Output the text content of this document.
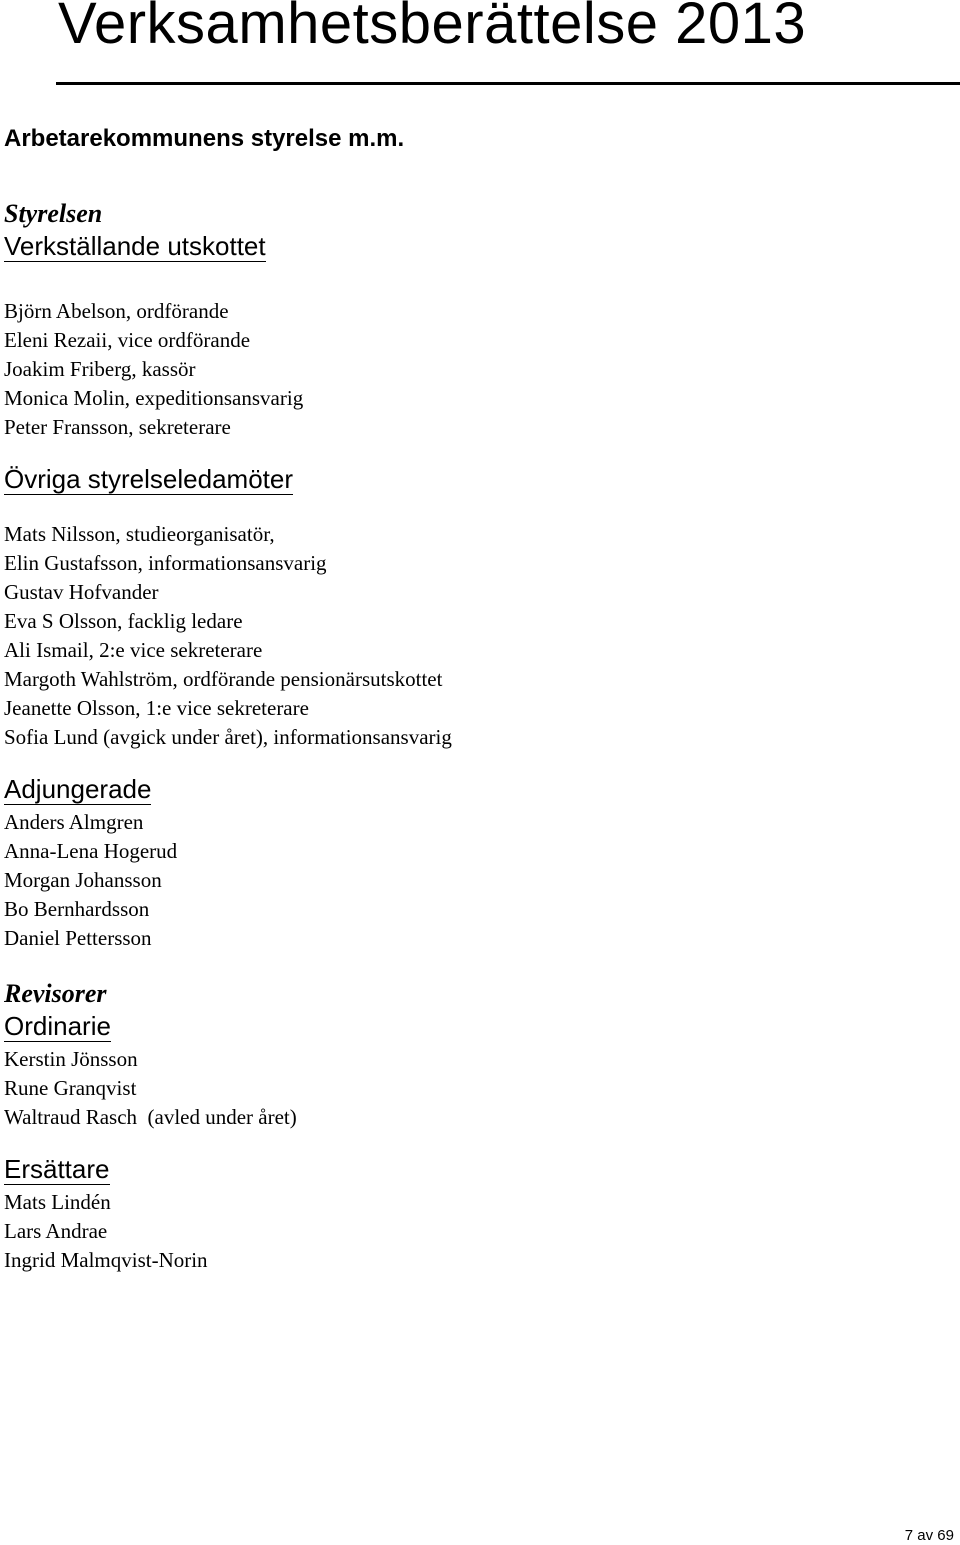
Verksamhetsberättelse 2013
Arbetarekommunens styrelse m.m.
Styrelsen
Verkställande utskottet
Björn Abelson, ordförande
Eleni Rezaii, vice ordförande
Joakim Friberg, kassör
Monica Molin, expeditionsansvarig
Peter Fransson, sekreterare
Övriga styrelseledamöter
Mats Nilsson, studieorganisatör,
Elin Gustafsson, informationsansvarig
Gustav Hofvander
Eva S Olsson, facklig ledare
Ali Ismail, 2:e vice sekreterare
Margoth Wahlström, ordförande pensionärsutskottet
Jeanette Olsson, 1:e vice sekreterare
Sofia Lund (avgick under året), informationsansvarig
Adjungerade
Anders Almgren
Anna-Lena Hogerud
Morgan Johansson
Bo Bernhardsson
Daniel Pettersson
Revisorer
Ordinarie
Kerstin Jönsson
Rune Granqvist
Waltraud Rasch  (avled under året)
Ersättare
Mats Lindén
Lars Andrae
Ingrid Malmqvist-Norin
7 av 69
